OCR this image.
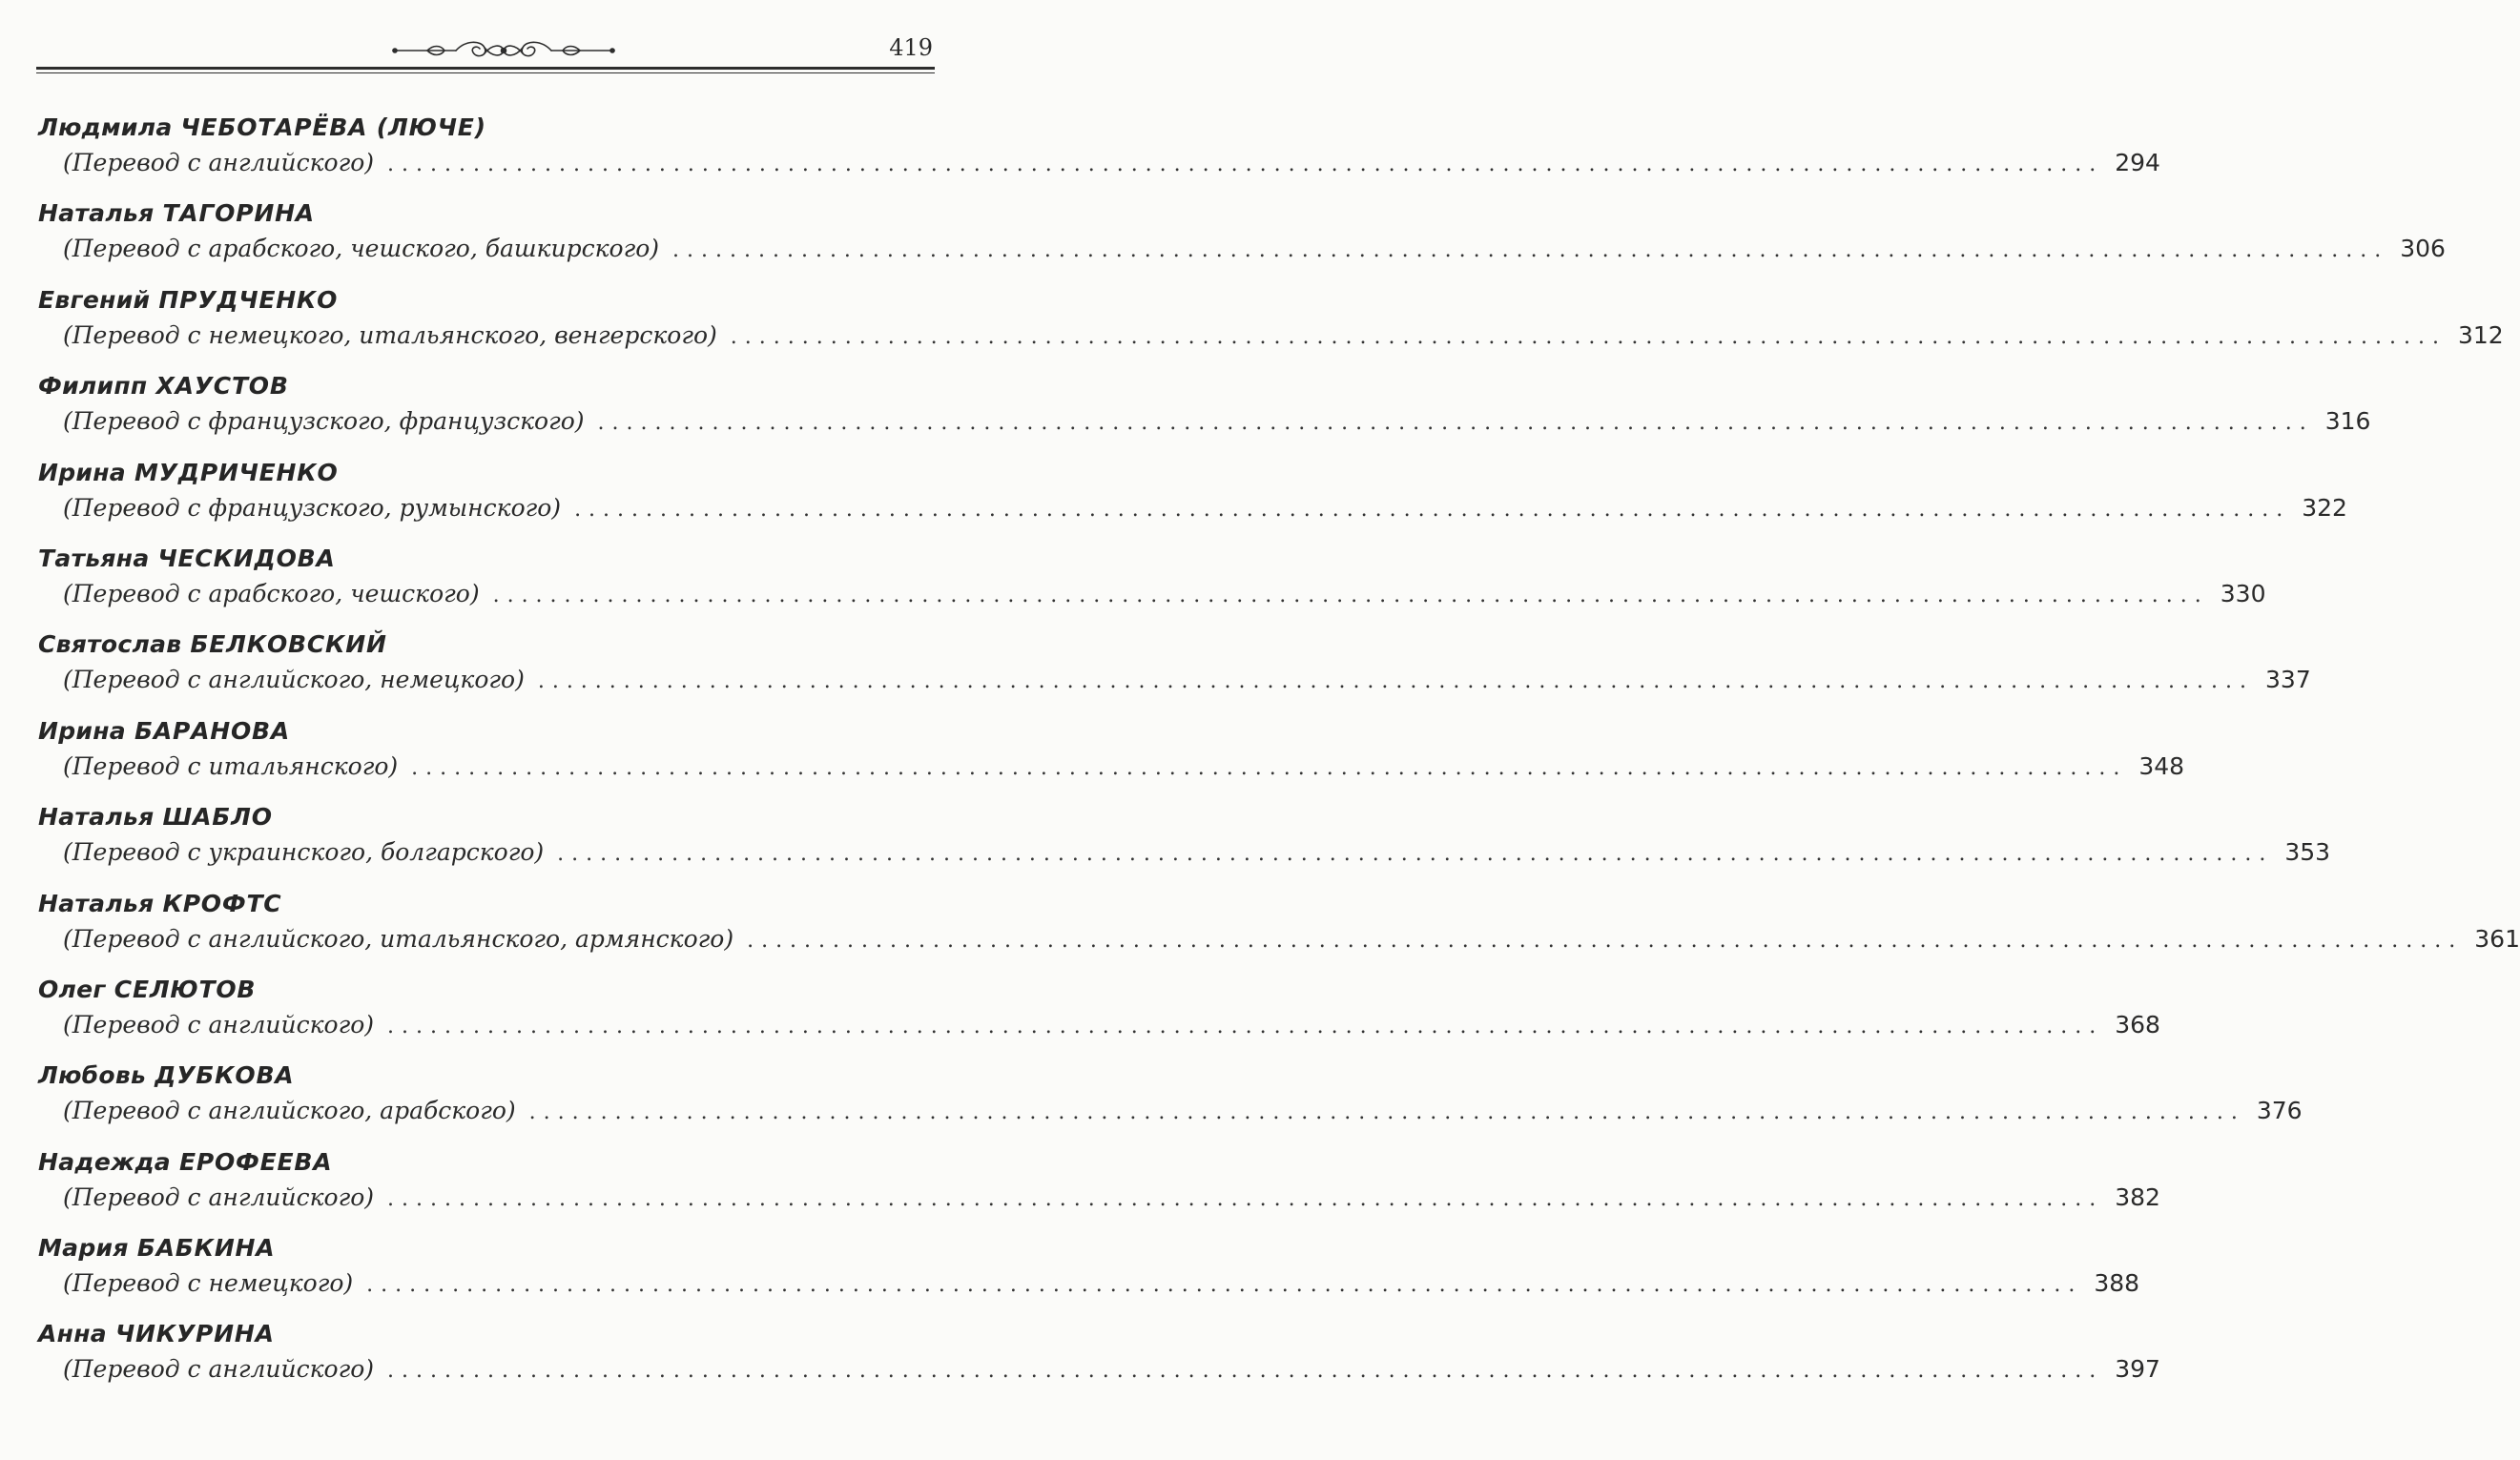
419
Людмила ЧЕБОТАРЁВА (ЛЮЧЕ)
(Перевод с английского) ........................................................................................................................ 294
Наталья ТАГОРИНА
(Перевод с арабского, чешского, башкирского) ........................................................................................................................ 306
Евгений ПРУДЧЕНКО
(Перевод с немецкого, итальянского, венгерского) ........................................................................................................................ 312
Филипп ХАУСТОВ
(Перевод с французского, французского) ........................................................................................................................ 316
Ирина МУДРИЧЕНКО
(Перевод с французского, румынского) ........................................................................................................................ 322
Татьяна ЧЕСКИДОВА
(Перевод с арабского, чешского) ........................................................................................................................ 330
Святослав БЕЛКОВСКИЙ
(Перевод с английского, немецкого) ........................................................................................................................ 337
Ирина БАРАНОВА
(Перевод с итальянского) ........................................................................................................................ 348
Наталья ШАБЛО
(Перевод с украинского, болгарского) ........................................................................................................................ 353
Наталья КРОФТС
(Перевод с английского, итальянского, армянского) ........................................................................................................................ 361
Олег СЕЛЮТОВ
(Перевод с английского) ........................................................................................................................ 368
Любовь ДУБКОВА
(Перевод с английского, арабского) ........................................................................................................................ 376
Надежда ЕРОФЕЕВА
(Перевод с английского) ........................................................................................................................ 382
Мария БАБКИНА
(Перевод с немецкого) ........................................................................................................................ 388
Анна ЧИКУРИНА
(Перевод с английского) ........................................................................................................................ 397
